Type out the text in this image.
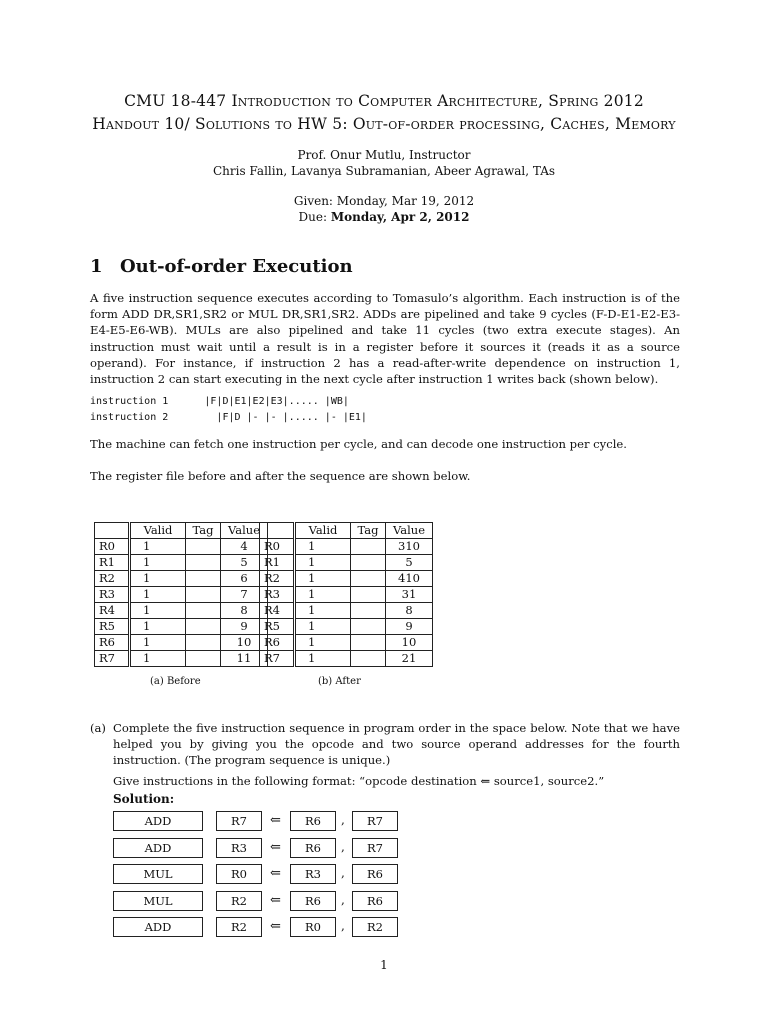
CMU 18-447 Introduction to Computer Architecture, Spring 2012
Handout 10/ Solutions to HW 5: Out-of-order processing, Caches, Memory
Prof. Onur Mutlu, Instructor
Chris Fallin, Lavanya Subramanian, Abeer Agrawal, TAs
Given: Monday, Mar 19, 2012
Due: Monday, Apr 2, 2012
1 Out-of-order Execution
A five instruction sequence executes according to Tomasulo’s algorithm. Each instruction is of the form ADD DR,SR1,SR2 or MUL DR,SR1,SR2. ADDs are pipelined and take 9 cycles (F-D-E1-E2-E3-E4-E5-E6-WB). MULs are also pipelined and take 11 cycles (two extra execute stages). An instruction must wait until a result is in a register before it sources it (reads it as a source operand). For instance, if instruction 2 has a read-after-write dependence on instruction 1, instruction 2 can start executing in the next cycle after instruction 1 writes back (shown below).
instruction 1      |F|D|E1|E2|E3|..... |WB|
instruction 2        |F|D |- |- |..... |- |E1|
The machine can fetch one instruction per cycle, and can decode one instruction per cycle.
The register file before and after the sequence are shown below.
	Valid	Tag	Value
R0	1		4
R1	1		5
R2	1		6
R3	1		7
R4	1		8
R5	1		9
R6	1		10
R7	1		11
	Valid	Tag	Value
R0	1		310
R1	1		5
R2	1		410
R3	1		31
R4	1		8
R5	1		9
R6	1		10
R7	1		21
(a) Before	(b) After
(a) Complete the five instruction sequence in program order in the space below. Note that we have helped you by giving you the opcode and two source operand addresses for the fourth instruction. (The program sequence is unique.)
Give instructions in the following format: “opcode destination ⇐ source1, source2.”
Solution:
ADD	R7	⇐	R6	,	R7
ADD	R3	⇐	R6	,	R7
MUL	R0	⇐	R3	,	R6
MUL	R2	⇐	R6	,	R6
ADD	R2	⇐	R0	,	R2
1
